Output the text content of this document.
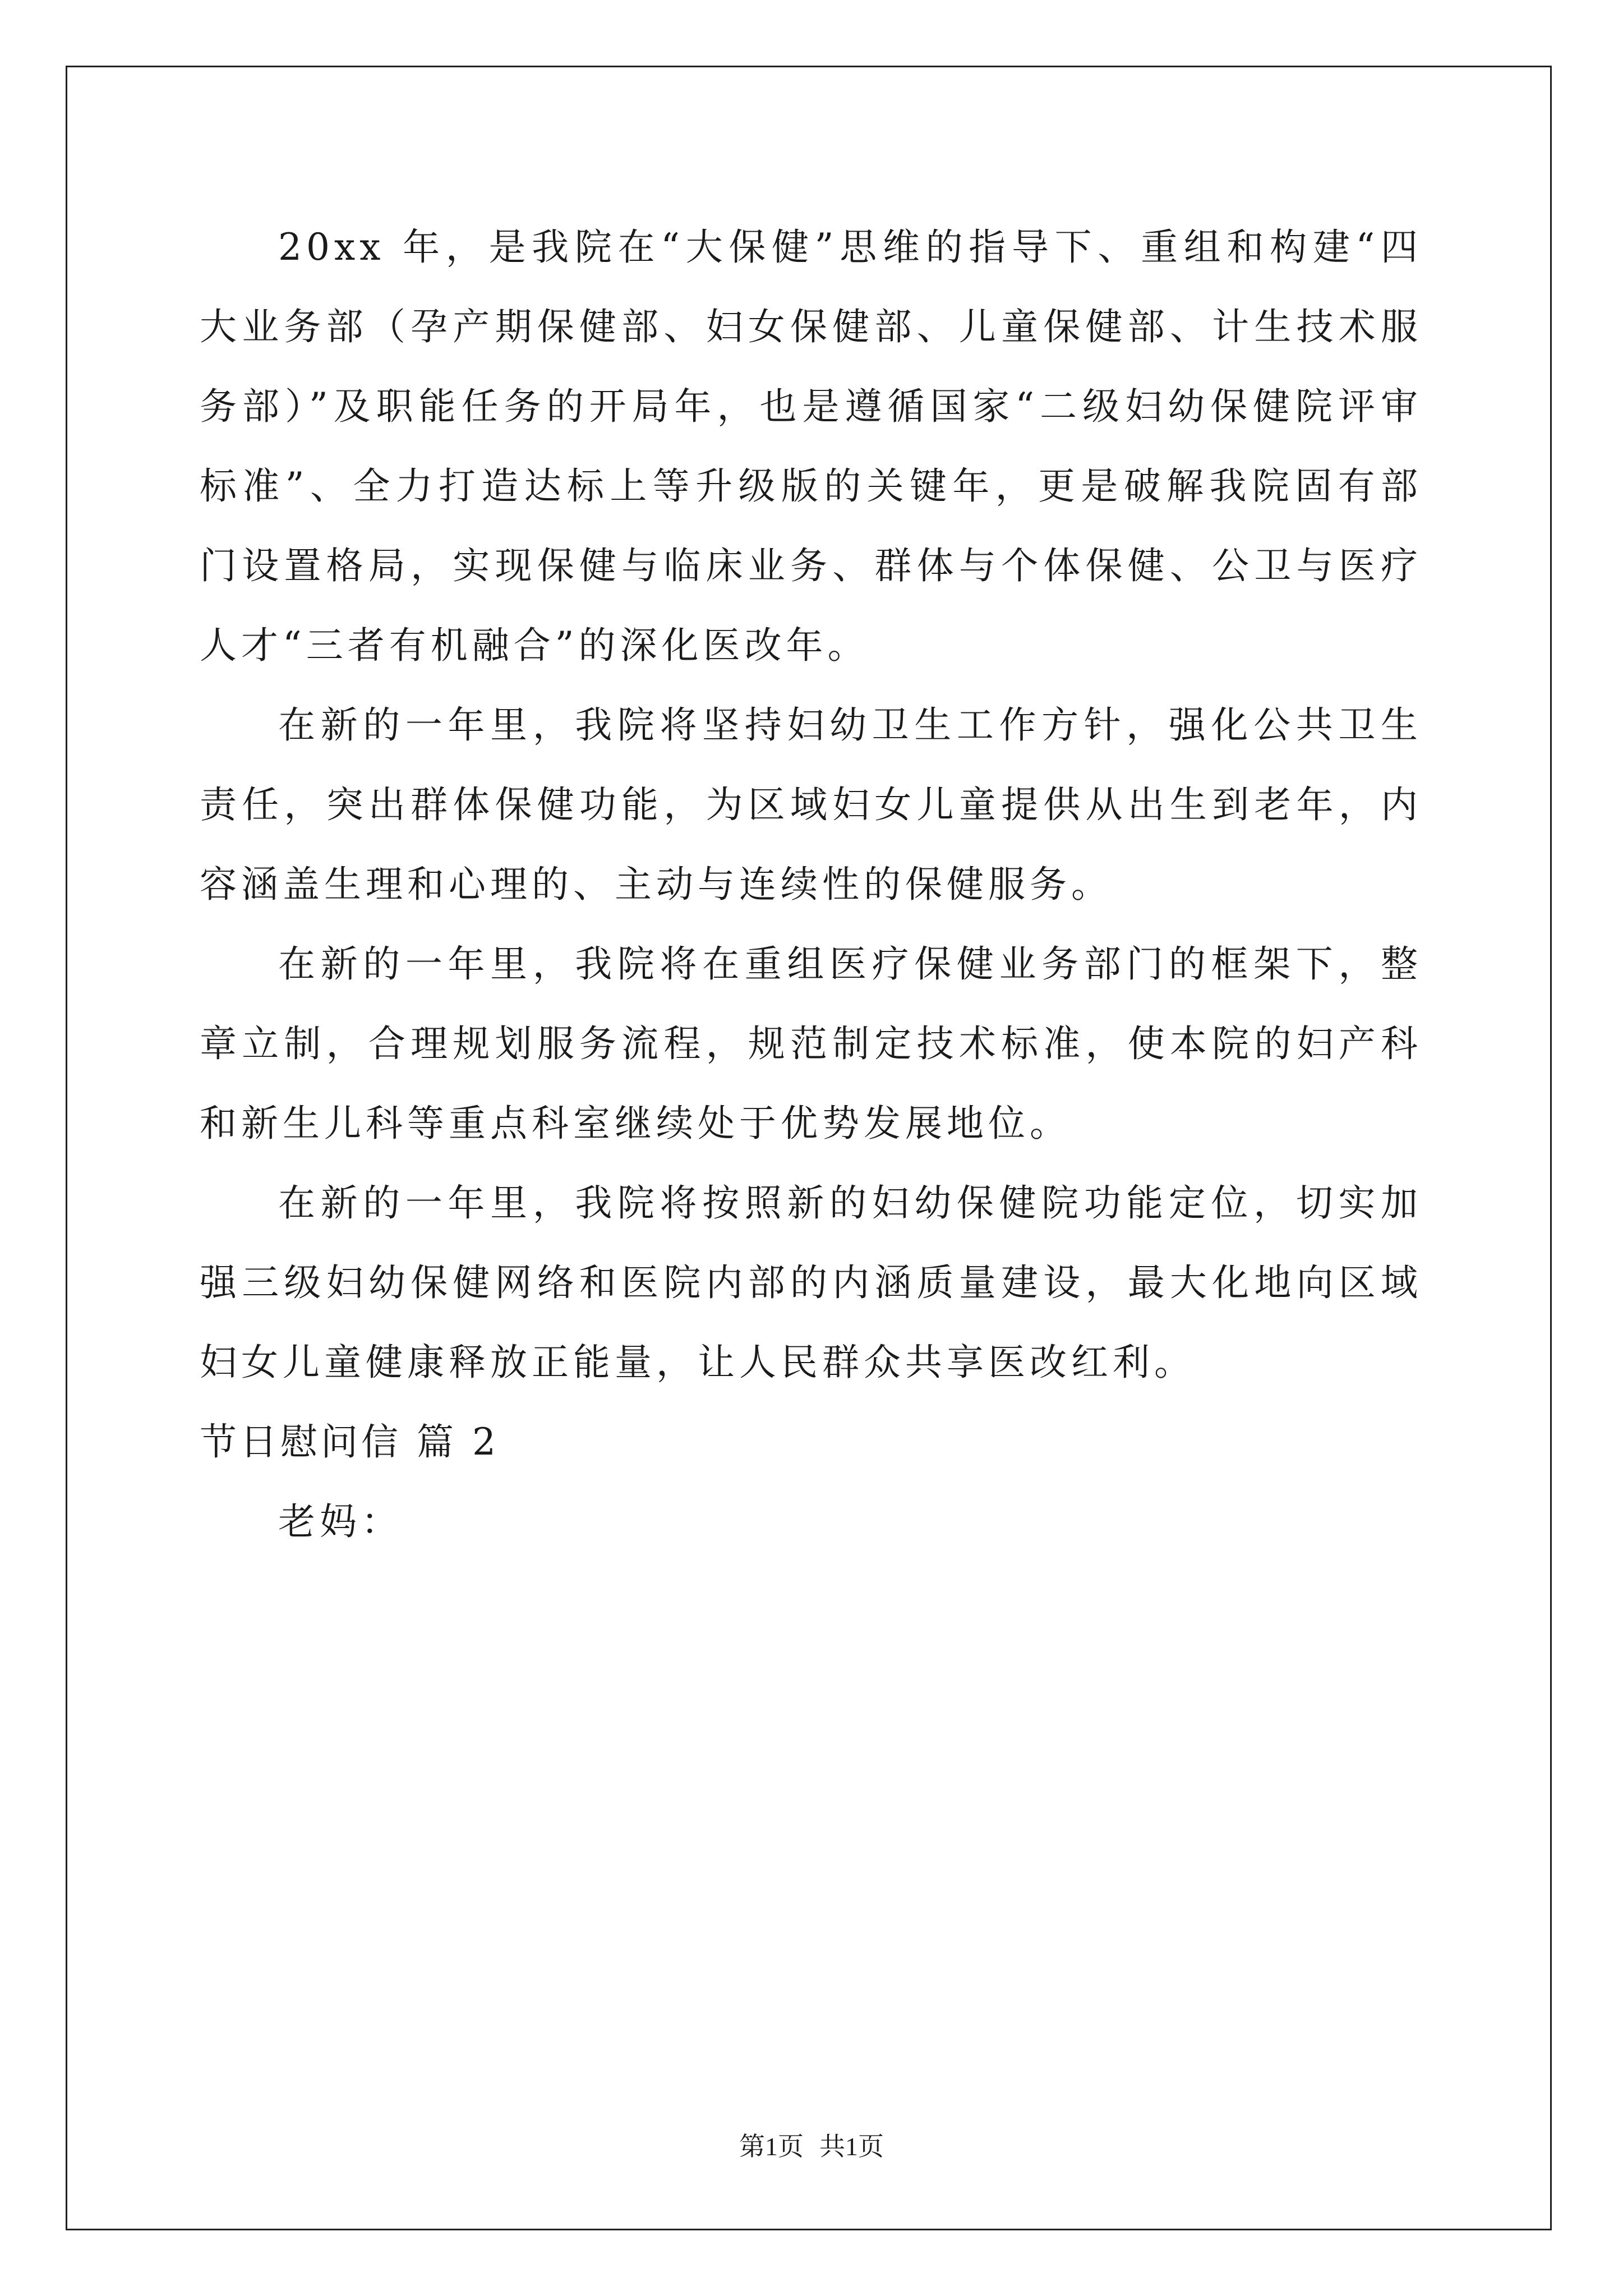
20xx 年，是我院在“大保健”思维的指导下、重组和构建“四大业务部（孕产期保健部、妇女保健部、儿童保健部、计生技术服务部）”及职能任务的开局年，也是遵循国家“二级妇幼保健院评审标准”、全力打造达标上等升级版的关键年，更是破解我院固有部门设置格局，实现保健与临床业务、群体与个体保健、公卫与医疗人才“三者有机融合”的深化医改年。

在新的一年里，我院将坚持妇幼卫生工作方针，强化公共卫生责任，突出群体保健功能，为区域妇女儿童提供从出生到老年，内容涵盖生理和心理的、主动与连续性的保健服务。

在新的一年里，我院将在重组医疗保健业务部门的框架下，整章立制，合理规划服务流程，规范制定技术标准，使本院的妇产科和新生儿科等重点科室继续处于优势发展地位。

在新的一年里，我院将按照新的妇幼保健院功能定位，切实加强三级妇幼保健网络和医院内部的内涵质量建设，最大化地向区域妇女儿童健康释放正能量，让人民群众共享医改红利。

节日慰问信 篇 2

老妈：

第1页 共1页
